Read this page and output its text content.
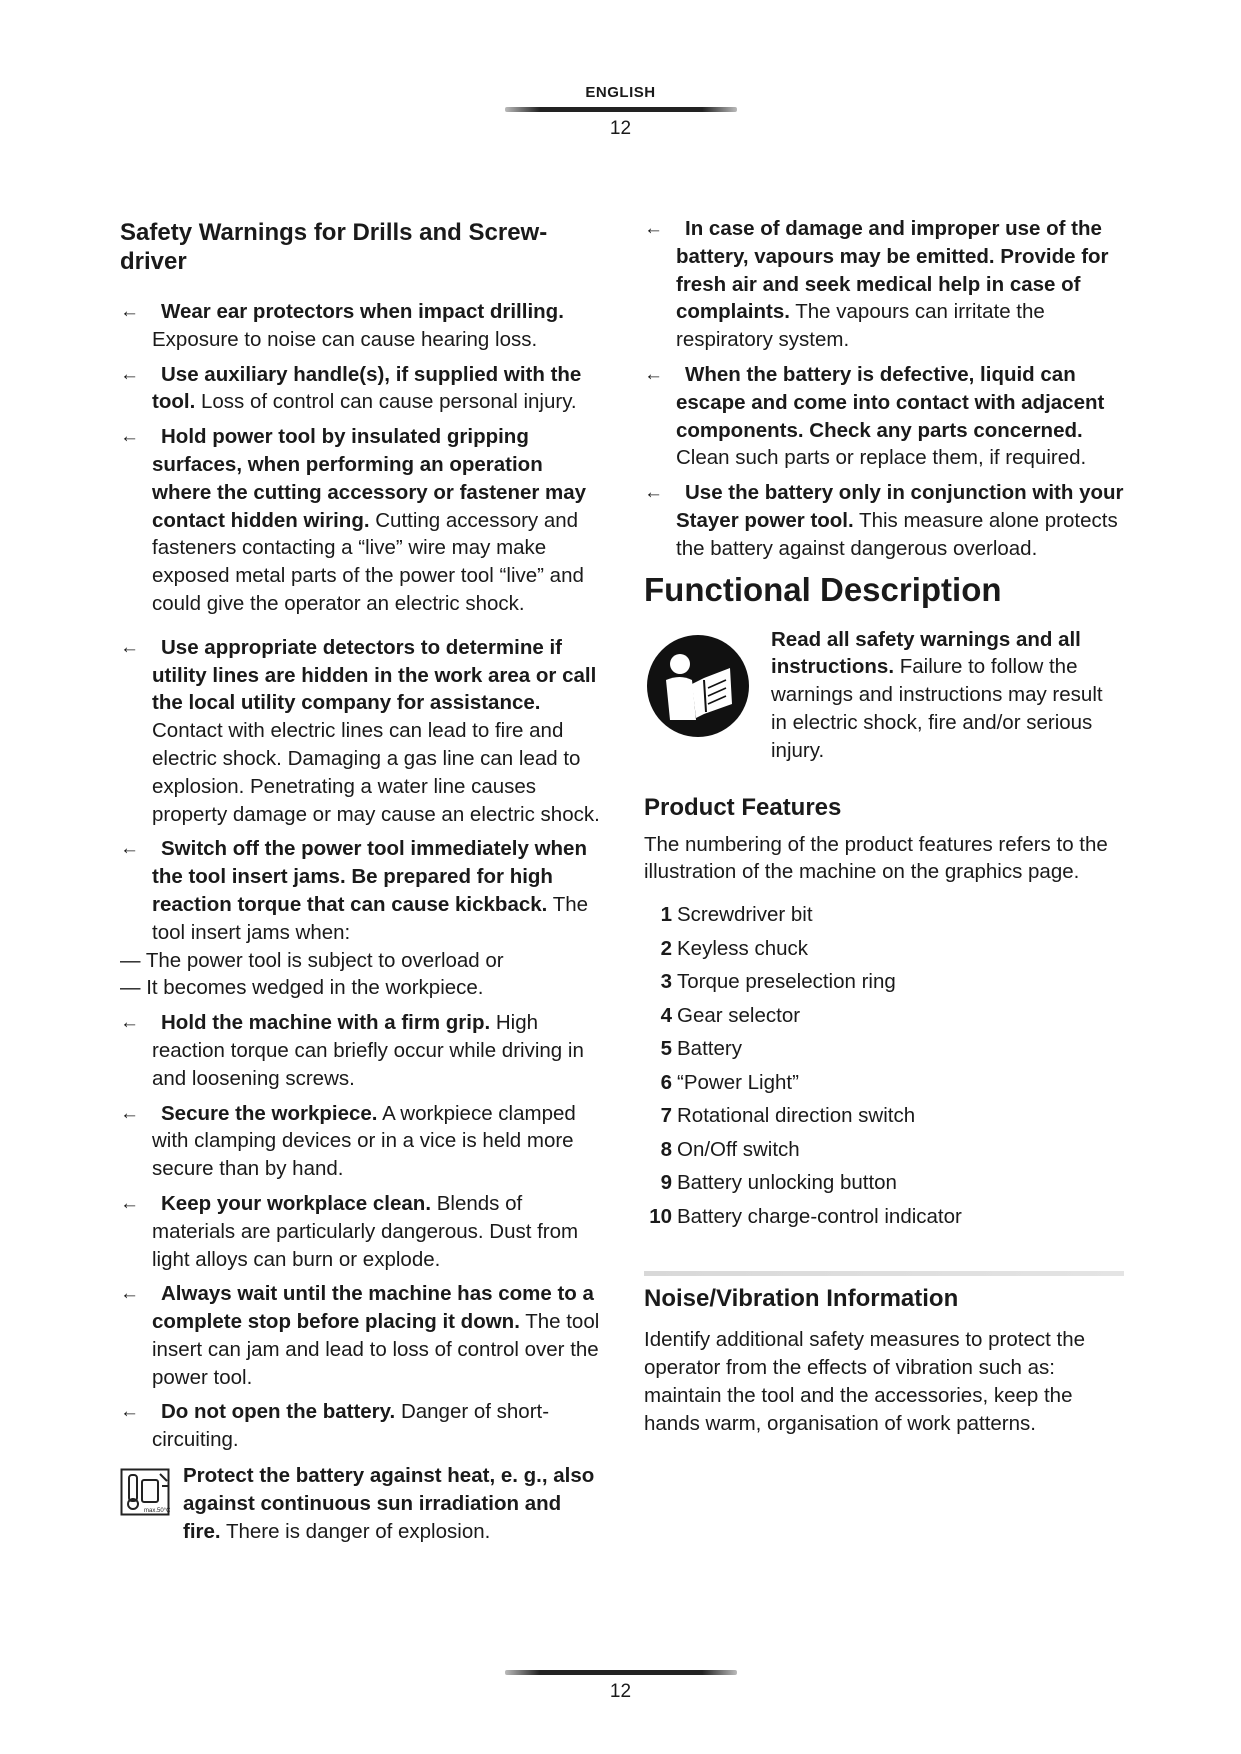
ENGLISH
12
Safety Warnings for Drills and Screw-driver
← Wear ear protectors when impact drilling. Exposure to noise can cause hearing loss.
← Use auxiliary handle(s), if supplied with the tool. Loss of control can cause personal injury.
← Hold power tool by insulated gripping surfaces, when performing an operation where the cutting accessory or fastener may contact hidden wiring. Cutting accessory and fasteners contacting a “live” wire may make exposed metal parts of the power tool “live” and could give the operator an electric shock.
← Use appropriate detectors to determine if utility lines are hidden in the work area or call the local utility company for assistance. Contact with electric lines can lead to fire and electric shock. Damaging a gas line can lead to explosion. Penetrating a water line causes property damage or may cause an electric shock.
← Switch off the power tool immediately when the tool insert jams. Be prepared for high reaction torque that can cause kickback. The tool insert jams when:
— The power tool is subject to overload or
— It becomes wedged in the workpiece.
← Hold the machine with a firm grip. High reaction torque can briefly occur while driving in and loosening screws.
← Secure the workpiece. A workpiece clamped with clamping devices or in a vice is held more secure than by hand.
← Keep your workplace clean. Blends of materials are particularly dangerous. Dust from light alloys can burn or explode.
← Always wait until the machine has come to a complete stop before placing it down. The tool insert can jam and lead to loss of control over the power tool.
← Do not open the battery. Danger of short-circuiting.
max.50°C
Protect the battery against heat, e. g., also against continuous sun irradiation and fire. There is danger of explosion.
← In case of damage and improper use of the battery, vapours may be emitted. Provide for fresh air and seek medical help in case of complaints. The vapours can irritate the respiratory system.
← When the battery is defective, liquid can escape and come into contact with adjacent components. Check any parts concerned. Clean such parts or replace them, if required.
← Use the battery only in conjunction with your Stayer power tool. This measure alone protects the battery against dangerous overload.
Functional Description
Read all safety warnings and all instructions. Failure to follow the warnings and instructions may result in electric shock, fire and/or serious injury.
Product Features

The numbering of the product features refers to the illustration of the machine on the graphics page.

1 Screwdriver bit
2 Keyless chuck
3 Torque preselection ring
4 Gear selector
5 Battery
6 “Power Light”
7 Rotational direction switch
8 On/Off switch
9 Battery unlocking button
10 Battery charge-control indicator
Noise/Vibration Information

Identify additional safety measures to protect the operator from the effects of vibration such as: maintain the tool and the accessories, keep the hands warm, organisation of work patterns.

12
